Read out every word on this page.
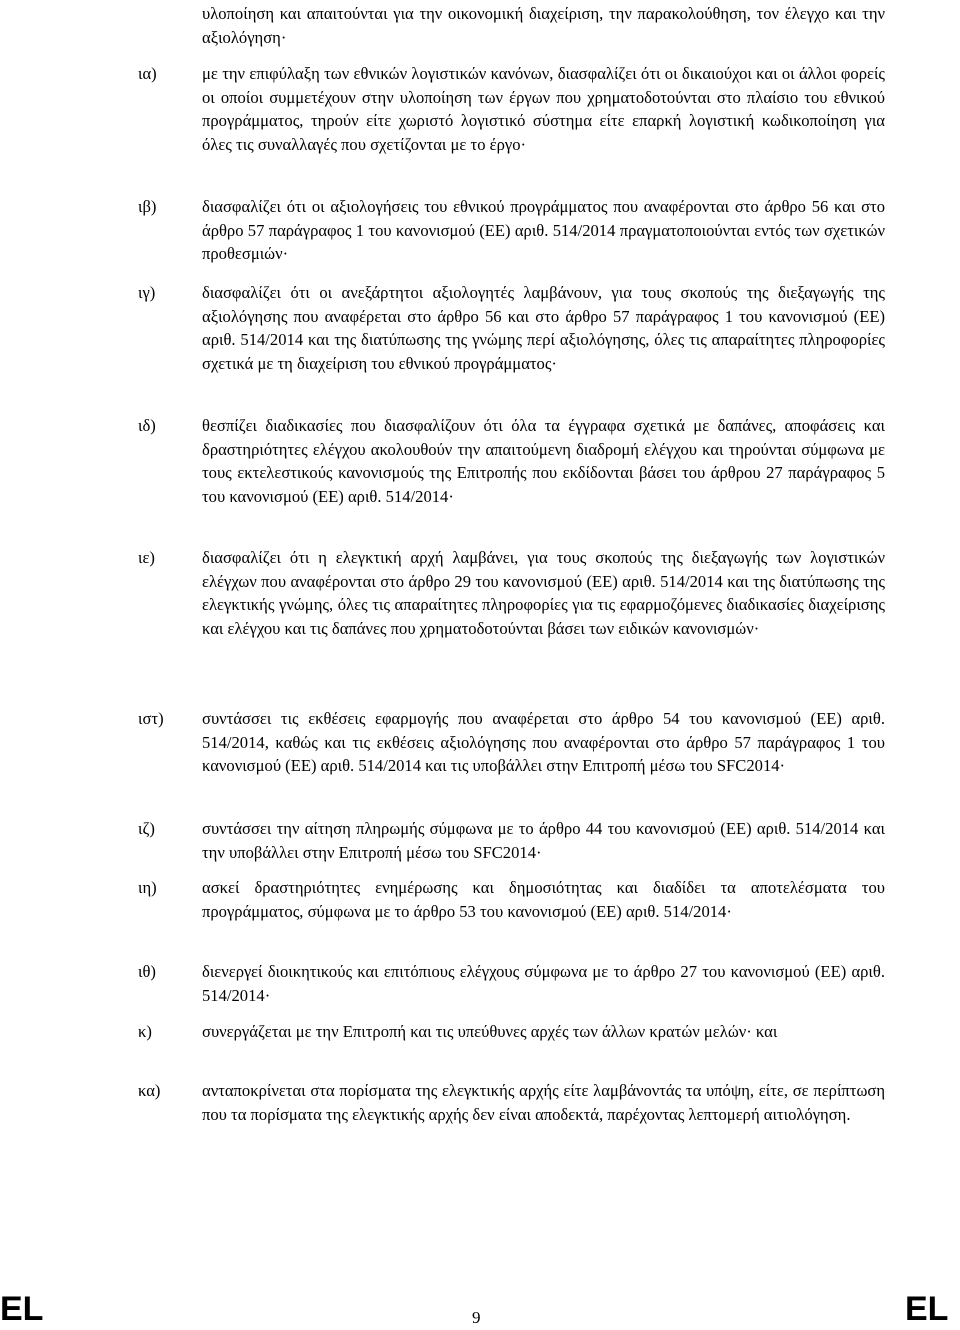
υλοποίηση και απαιτούνται για την οικονομική διαχείριση, την παρακολούθηση, τον έλεγχο και την αξιολόγηση·
ια)	με την επιφύλαξη των εθνικών λογιστικών κανόνων, διασφαλίζει ότι οι δικαιούχοι και οι άλλοι φορείς οι οποίοι συμμετέχουν στην υλοποίηση των έργων που χρηματοδοτούνται στο πλαίσιο του εθνικού προγράμματος, τηρούν είτε χωριστό λογιστικό σύστημα είτε επαρκή λογιστική κωδικοποίηση για όλες τις συναλλαγές που σχετίζονται με το έργο·
ιβ)	διασφαλίζει ότι οι αξιολογήσεις του εθνικού προγράμματος που αναφέρονται στο άρθρο 56 και στο άρθρο 57 παράγραφος 1 του κανονισμού (ΕΕ) αριθ. 514/2014 πραγματοποιούνται εντός των σχετικών προθεσμιών·
ιγ)	διασφαλίζει ότι οι ανεξάρτητοι αξιολογητές λαμβάνουν, για τους σκοπούς της διεξαγωγής της αξιολόγησης που αναφέρεται στο άρθρο 56 και στο άρθρο 57 παράγραφος 1 του κανονισμού (ΕΕ) αριθ. 514/2014 και της διατύπωσης της γνώμης περί αξιολόγησης, όλες τις απαραίτητες πληροφορίες σχετικά με τη διαχείριση του εθνικού προγράμματος·
ιδ)	θεσπίζει διαδικασίες που διασφαλίζουν ότι όλα τα έγγραφα σχετικά με δαπάνες, αποφάσεις και δραστηριότητες ελέγχου ακολουθούν την απαιτούμενη διαδρομή ελέγχου και τηρούνται σύμφωνα με τους εκτελεστικούς κανονισμούς της Επιτροπής που εκδίδονται βάσει του άρθρου 27 παράγραφος 5 του κανονισμού (ΕΕ) αριθ. 514/2014·
ιε)	διασφαλίζει ότι η ελεγκτική αρχή λαμβάνει, για τους σκοπούς της διεξαγωγής των λογιστικών ελέγχων που αναφέρονται στο άρθρο 29 του κανονισμού (ΕΕ) αριθ. 514/2014 και της διατύπωσης της ελεγκτικής γνώμης, όλες τις απαραίτητες πληροφορίες για τις εφαρμοζόμενες διαδικασίες διαχείρισης και ελέγχου και τις δαπάνες που χρηματοδοτούνται βάσει των ειδικών κανονισμών·
ιστ) συντάσσει τις εκθέσεις εφαρμογής που αναφέρεται στο άρθρο 54 του κανονισμού (ΕΕ) αριθ. 514/2014, καθώς και τις εκθέσεις αξιολόγησης που αναφέρονται στο άρθρο 57 παράγραφος 1 του κανονισμού (ΕΕ) αριθ. 514/2014 και τις υποβάλλει στην Επιτροπή μέσω του SFC2014·
ιζ)	συντάσσει την αίτηση πληρωμής σύμφωνα με το άρθρο 44 του κανονισμού (ΕΕ) αριθ. 514/2014 και την υποβάλλει στην Επιτροπή μέσω του SFC2014·
ιη)	ασκεί δραστηριότητες ενημέρωσης και δημοσιότητας και διαδίδει τα αποτελέσματα του προγράμματος, σύμφωνα με το άρθρο 53 του κανονισμού (ΕΕ) αριθ. 514/2014·
ιθ)	διενεργεί διοικητικούς και επιτόπιους ελέγχους σύμφωνα με το άρθρο 27 του κανονισμού (ΕΕ) αριθ. 514/2014·
κ)	συνεργάζεται με την Επιτροπή και τις υπεύθυνες αρχές των άλλων κρατών μελών· και
κα)	ανταποκρίνεται στα πορίσματα της ελεγκτικής αρχής είτε λαμβάνοντάς τα υπόψη, είτε, σε περίπτωση που τα πορίσματα της ελεγκτικής αρχής δεν είναι αποδεκτά, παρέχοντας λεπτομερή αιτιολόγηση.
EL	9	EL
